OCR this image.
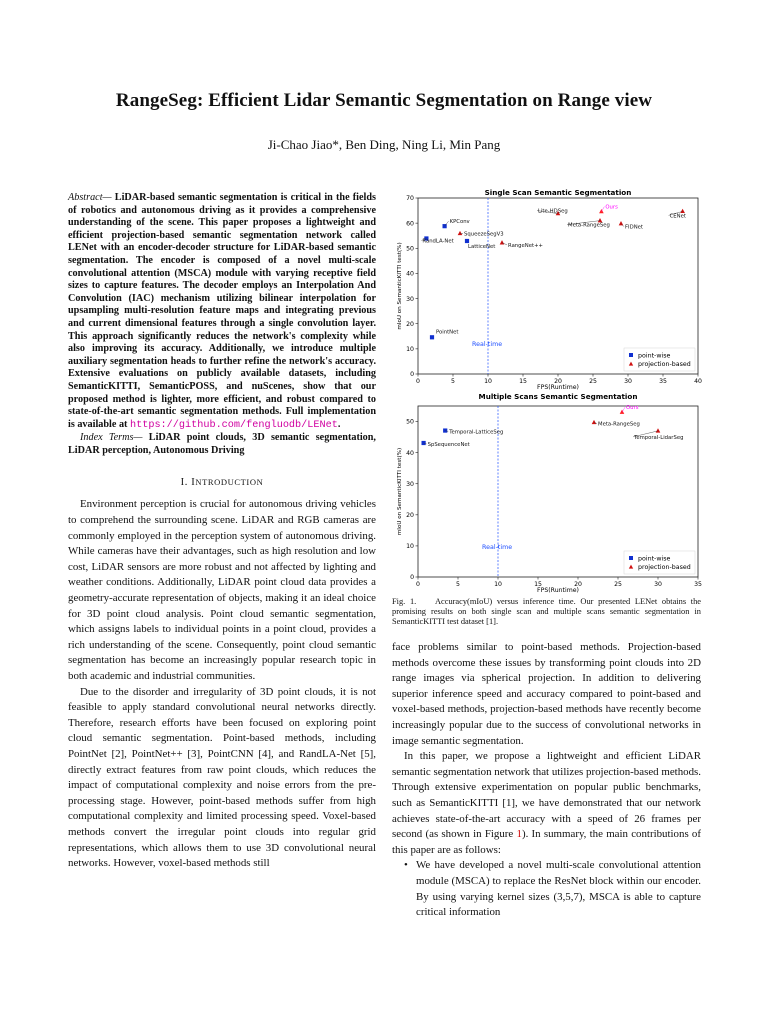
RangeSeg: Efficient Lidar Semantic Segmentation on Range view
Ji-Chao Jiao*, Ben Ding, Ning Li, Min Pang
Abstract— LiDAR-based semantic segmentation is critical in the fields of robotics and autonomous driving as it provides a comprehensive understanding of the scene. This paper proposes a lightweight and efficient projection-based semantic segmentation network called LENet with an encoder-decoder structure for LiDAR-based semantic segmentation. The encoder is composed of a novel multi-scale convolutional attention (MSCA) module with varying receptive field sizes to capture features. The decoder employs an Interpolation And Convolution (IAC) mechanism utilizing bilinear interpolation for upsampling multi-resolution feature maps and integrating previous and current dimensional features through a single convolution layer. This approach significantly reduces the network's complexity while also improving its accuracy. Additionally, we introduce multiple auxiliary segmentation heads to further refine the network's accuracy. Extensive evaluations on publicly available datasets, including SemanticKITTI, SemanticPOSS, and nuScenes, show that our proposed method is lighter, more efficient, and robust compared to state-of-the-art semantic segmentation methods. Full implementation is available at https://github.com/fengluodb/LENet.
Index Terms— LiDAR point clouds, 3D semantic segmentation, LiDAR perception, Autonomous Driving
I. INTRODUCTION

Environment perception is crucial for autonomous driving vehicles to comprehend the surrounding scene. LiDAR and RGB cameras are commonly employed in the perception system of autonomous driving. While cameras have their advantages, such as high resolution and low cost, LiDAR sensors are more robust and not affected by lighting and weather conditions. Additionally, LiDAR point cloud data provides a geometry-accurate representation of objects, making it an ideal choice for 3D point cloud analysis. Point cloud semantic segmentation, which assigns labels to individual points in a point cloud, provides a rich understanding of the scene. Consequently, point cloud semantic segmentation has become an increasingly popular research topic in both academic and industrial communities.

Due to the disorder and irregularity of 3D point clouds, it is not feasible to apply standard convolutional neural networks directly. Therefore, research efforts have been focused on exploring point cloud semantic segmentation. Point-based methods, including PointNet [2], PointNet++ [3], PointCNN [4], and RandLA-Net [5], directly extract features from raw point clouds, which reduces the impact of computational complexity and noise errors from the pre-processing stage. However, point-based methods suffer from high computational complexity and limited processing speed. Voxel-based methods convert the irregular point clouds into regular grid representations, which allows them to use 3D convolutional neural networks. However, voxel-based methods still

Single Scan Semantic Segmentation
FPS(Runtime)
mIoU on SemanticKITTI test(%)
0	5	10	15	20	25	30	35	40
0
10
20
30
40
50
60
70
Real-time
KPConv
RandLA-Net
LatticeNet
PointNet
SqueezeSegV3
RangeNet++
Lite-HDSeg
Meta-RangeSeg	FIDNet
CENet
Ours
point-wise
projection-based
Multiple Scans Semantic Segmentation
FPS(Runtime)
mIoU on SemanticKITTI test(%)
0	5	10	15	20	25	30	35
0
10
20
30
40
50
Real-time
Temporal-LatticeSeg
SpSequenceNet
Meta-RangeSeg
TemporaI-LidarSeg
Ours
point-wise
projection-based
Fig. 1. Accuracy(mIoU) versus inference time. Our presented LENet obtains the promising results on both single scan and multiple scans semantic segmentation in SemanticKITTI test dataset [1].

face problems similar to point-based methods. Projection-based methods overcome these issues by transforming point clouds into 2D range images via spherical projection. In addition to delivering superior inference speed and accuracy compared to point-based and voxel-based methods, projection-based methods have recently become increasingly popular due to the success of convolutional networks in image semantic segmentation.

In this paper, we propose a lightweight and efficient LiDAR semantic segmentation network that utilizes projection-based methods. Through extensive experimentation on popular public benchmarks, such as SemanticKITTI [1], we have demonstrated that our network achieves state-of-the-art accuracy with a speed of 26 frames per second (as shown in Figure 1). In summary, the main contributions of this paper are as follows:

• We have developed a novel multi-scale convolutional attention module (MSCA) to replace the ResNet block within our encoder. By using varying kernel sizes (3,5,7), MSCA is able to capture critical information
